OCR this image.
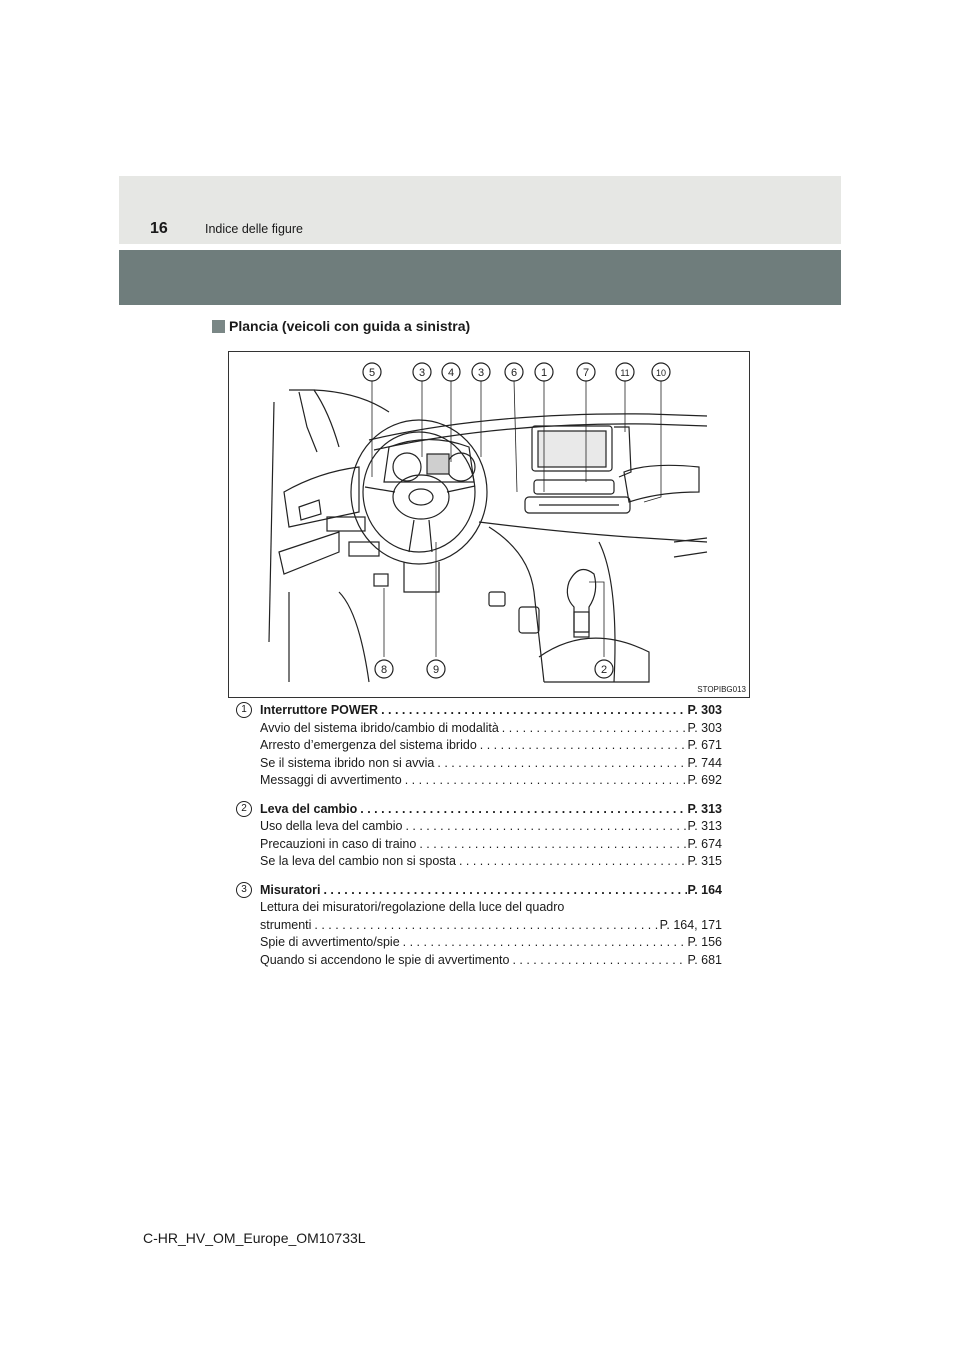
16	Indice delle figure
Plancia (veicoli con guida a sinistra)
5	3 4 3 6 1	7	11	10
8	9	2
STOPIBG013
1	Interruttore POWER . . .	P. 303
Avvio del sistema ibrido/cambio di modalità . . .	P. 303
Arresto d’emergenza del sistema ibrido . . .	P. 671
Se il sistema ibrido non si avvia . . .	P. 744
Messaggi di avvertimento . . .	P. 692
2	Leva del cambio . . .	P. 313
Uso della leva del cambio . . .	P. 313
Precauzioni in caso di traino . . .	P. 674
Se la leva del cambio non si sposta . . .	P. 315
3	Misuratori . . .	P. 164
Lettura dei misuratori/regolazione della luce del quadro
strumenti . . .	P. 164, 171
Spie di avvertimento/spie . . .	P. 156
Quando si accendono le spie di avvertimento . . .	P. 681
C-HR_HV_OM_Europe_OM10733L
